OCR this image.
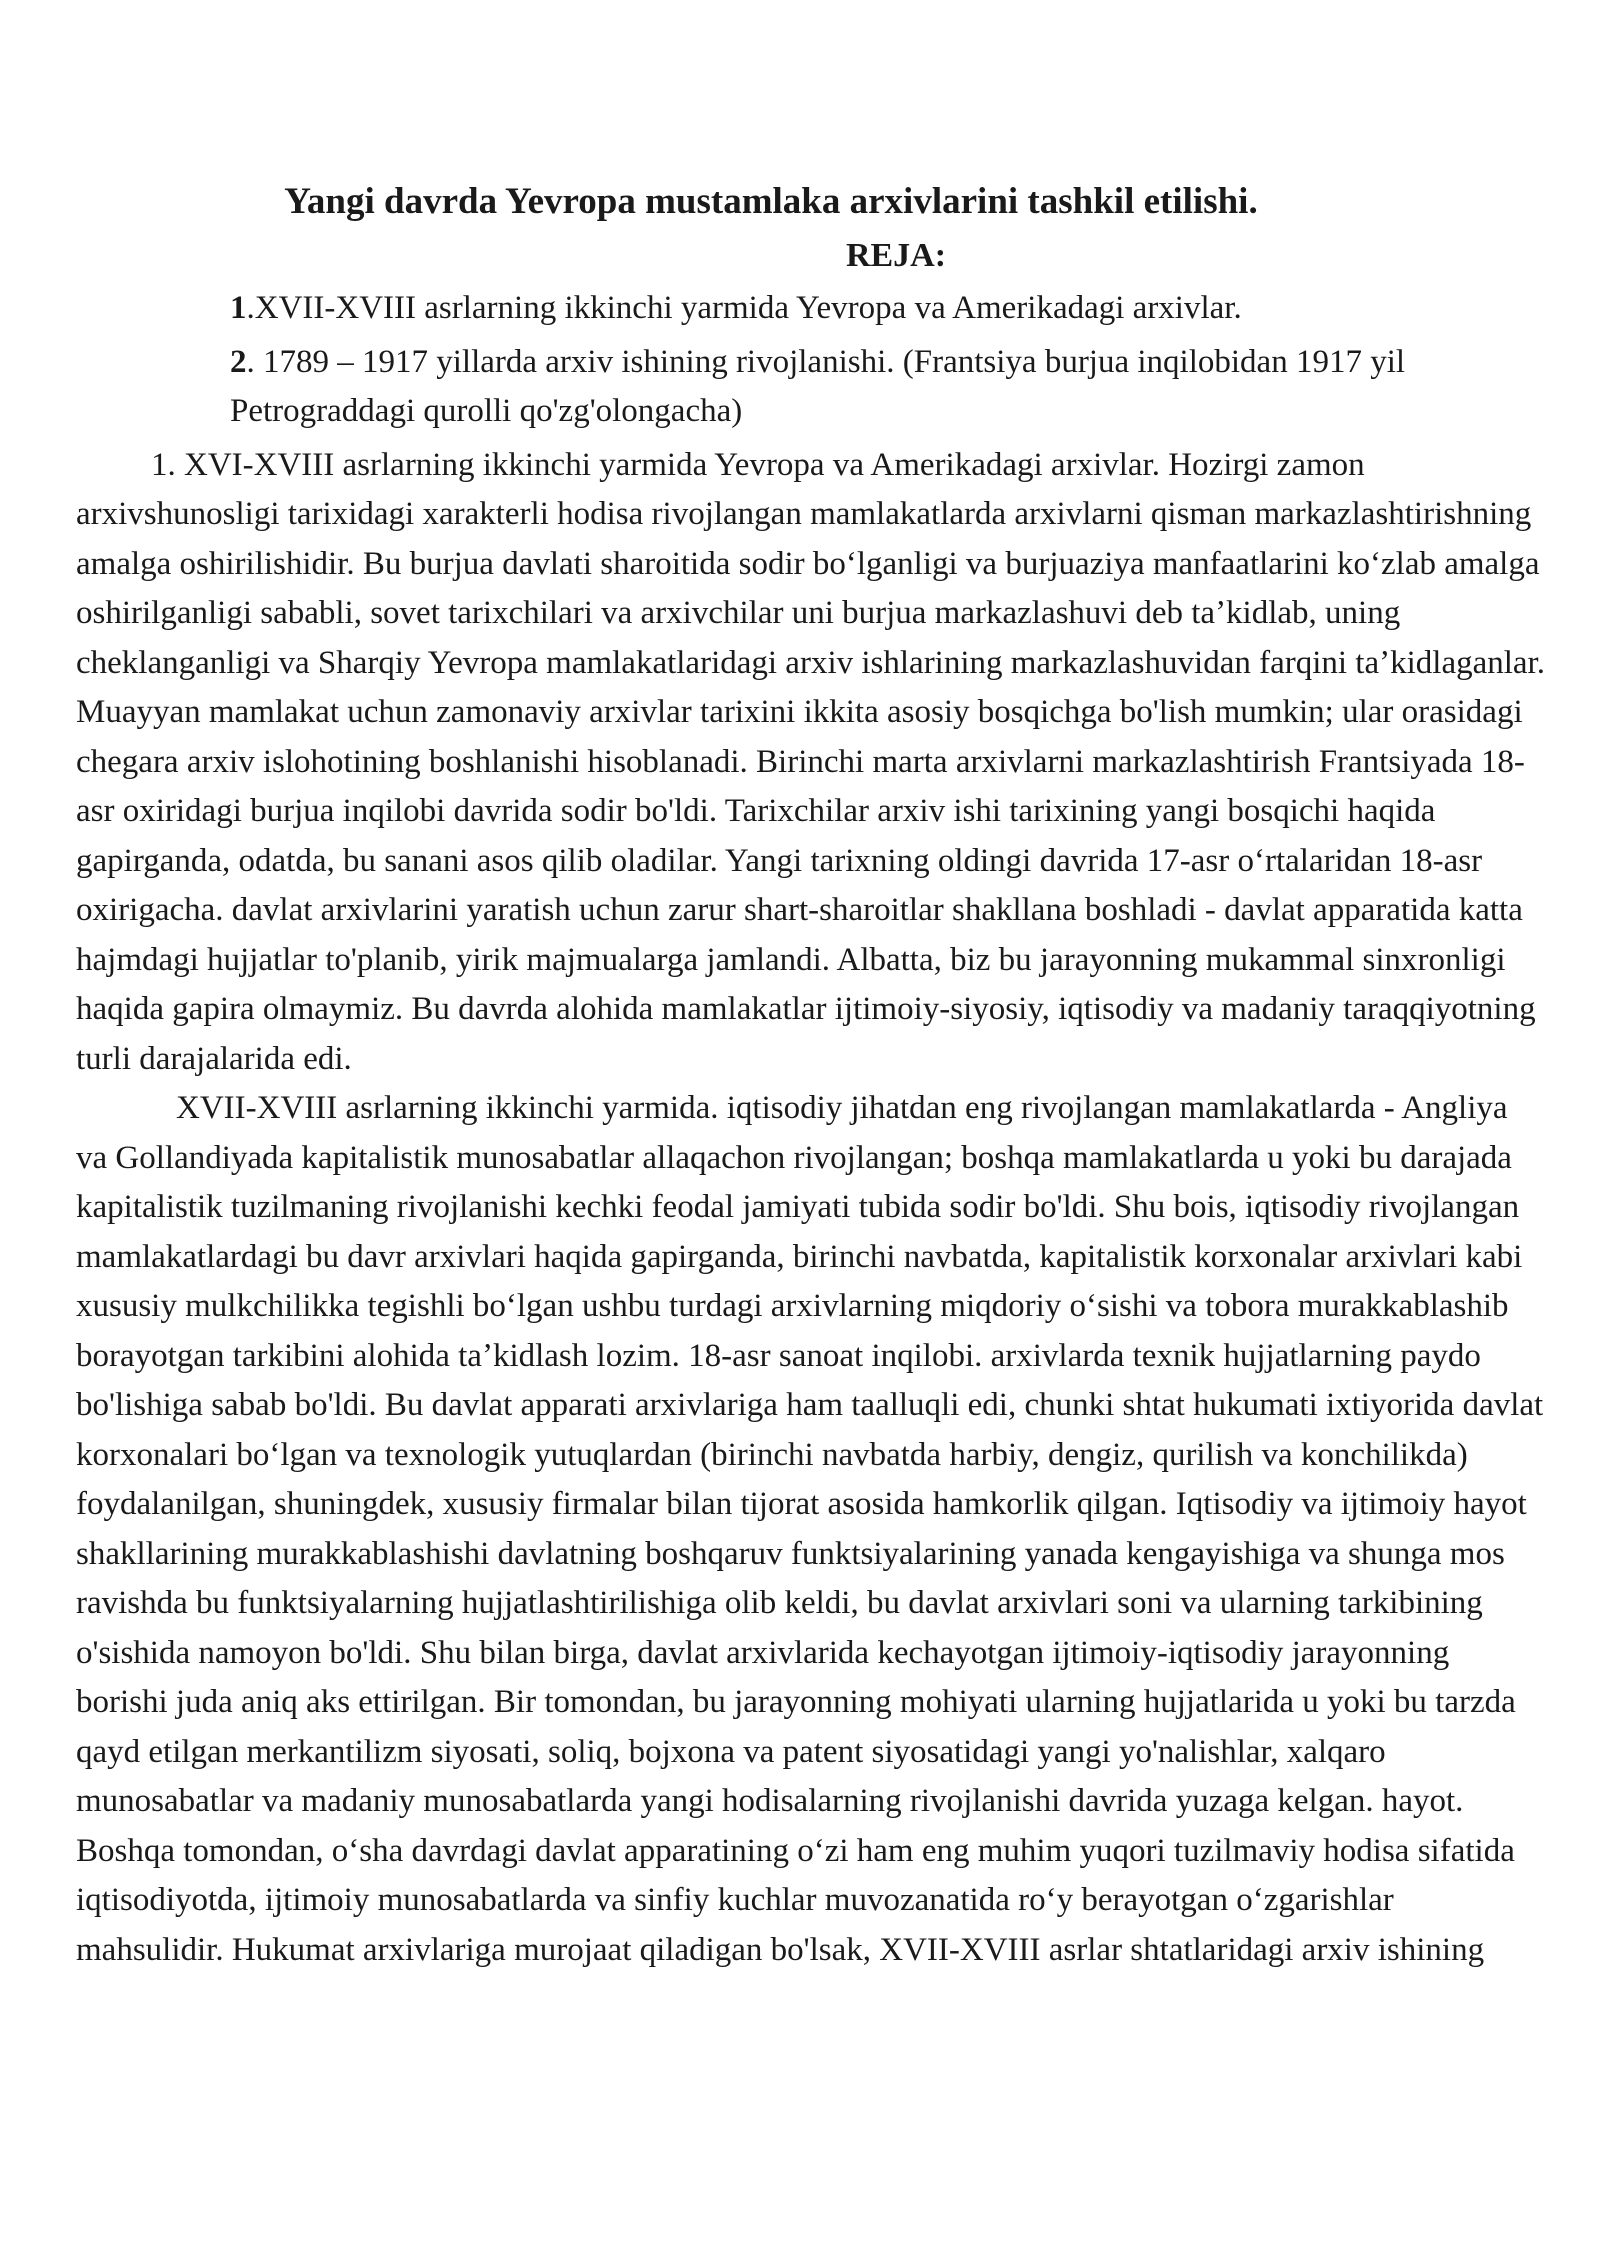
Yangi davrda Yevropa mustamlaka arxivlarini tashkil etilishi.
REJA:
1.XVII-XVIII asrlarning ikkinchi yarmida Yevropa va Amerikadagi arxivlar.
2. 1789 – 1917 yillarda arxiv ishining rivojlanishi. (Frantsiya burjua inqilobidan 1917 yil Petrograddagi qurolli qo'zg'olongacha)

1. XVI-XVIII asrlarning ikkinchi yarmida Yevropa va Amerikadagi arxivlar. Hozirgi zamon arxivshunosligi tarixidagi xarakterli hodisa rivojlangan mamlakatlarda arxivlarni qisman markazlashtirishning amalga oshirilishidir. Bu burjua davlati sharoitida sodir boʻlganligi va burjuaziya manfaatlarini koʻzlab amalga oshirilganligi sababli, sovet tarixchilari va arxivchilar uni burjua markazlashuvi deb taʼkidlab, uning cheklanganligi va Sharqiy Yevropa mamlakatlaridagi arxiv ishlarining markazlashuvidan farqini taʼkidlaganlar. Muayyan mamlakat uchun zamonaviy arxivlar tarixini ikkita asosiy bosqichga bo'lish mumkin; ular orasidagi chegara arxiv islohotining boshlanishi hisoblanadi. Birinchi marta arxivlarni markazlashtirish Frantsiyada 18-asr oxiridagi burjua inqilobi davrida sodir bo'ldi. Tarixchilar arxiv ishi tarixining yangi bosqichi haqida gapirganda, odatda, bu sanani asos qilib oladilar. Yangi tarixning oldingi davrida 17-asr oʻrtalaridan 18-asr oxirigacha. davlat arxivlarini yaratish uchun zarur shart-sharoitlar shakllana boshladi - davlat apparatida katta hajmdagi hujjatlar to'planib, yirik majmualarga jamlandi. Albatta, biz bu jarayonning mukammal sinxronligi haqida gapira olmaymiz. Bu davrda alohida mamlakatlar ijtimoiy-siyosiy, iqtisodiy va madaniy taraqqiyotning turli darajalarida edi.

XVII-XVIII asrlarning ikkinchi yarmida. iqtisodiy jihatdan eng rivojlangan mamlakatlarda - Angliya va Gollandiyada kapitalistik munosabatlar allaqachon rivojlangan; boshqa mamlakatlarda u yoki bu darajada kapitalistik tuzilmaning rivojlanishi kechki feodal jamiyati tubida sodir bo'ldi. Shu bois, iqtisodiy rivojlangan mamlakatlardagi bu davr arxivlari haqida gapirganda, birinchi navbatda, kapitalistik korxonalar arxivlari kabi xususiy mulkchilikka tegishli boʻlgan ushbu turdagi arxivlarning miqdoriy oʻsishi va tobora murakkablashib borayotgan tarkibini alohida taʼkidlash lozim. 18-asr sanoat inqilobi. arxivlarda texnik hujjatlarning paydo bo'lishiga sabab bo'ldi. Bu davlat apparati arxivlariga ham taalluqli edi, chunki shtat hukumati ixtiyorida davlat korxonalari boʻlgan va texnologik yutuqlardan (birinchi navbatda harbiy, dengiz, qurilish va konchilikda) foydalanilgan, shuningdek, xususiy firmalar bilan tijorat asosida hamkorlik qilgan. Iqtisodiy va ijtimoiy hayot shakllarining murakkablashishi davlatning boshqaruv funktsiyalarining yanada kengayishiga va shunga mos ravishda bu funktsiyalarning hujjatlashtirilishiga olib keldi, bu davlat arxivlari soni va ularning tarkibining o'sishida namoyon bo'ldi. Shu bilan birga, davlat arxivlarida kechayotgan ijtimoiy-iqtisodiy jarayonning borishi juda aniq aks ettirilgan. Bir tomondan, bu jarayonning mohiyati ularning hujjatlarida u yoki bu tarzda qayd etilgan merkantilizm siyosati, soliq, bojxona va patent siyosatidagi yangi yo'nalishlar, xalqaro munosabatlar va madaniy munosabatlarda yangi hodisalarning rivojlanishi davrida yuzaga kelgan. hayot. Boshqa tomondan, oʻsha davrdagi davlat apparatining oʻzi ham eng muhim yuqori tuzilmaviy hodisa sifatida iqtisodiyotda, ijtimoiy munosabatlarda va sinfiy kuchlar muvozanatida roʻy berayotgan oʻzgarishlar mahsulidir. Hukumat arxivlariga murojaat qiladigan bo'lsak, XVII-XVIII asrlar shtatlaridagi arxiv ishining
